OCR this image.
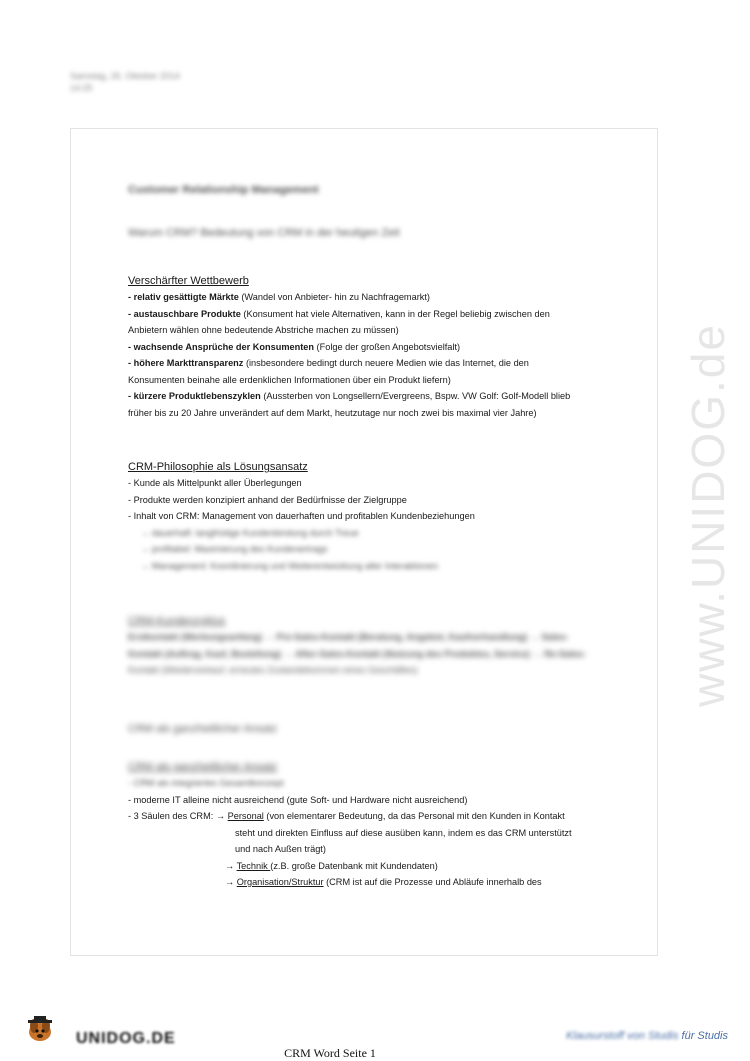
Samstag, 26. Oktober 2014
14:25
Customer Relationship Management
Warum CRM? Bedeutung von CRM in der heutigen Zeit

Verschärfter Wettbewerb

- relativ gesättigte Märkte (Wandel von Anbieter- hin zu Nachfragemarkt)

- austauschbare Produkte (Konsument hat viele Alternativen, kann in der Regel beliebig zwischen den

Anbietern wählen ohne bedeutende Abstriche machen zu müssen)

- wachsende Ansprüche der Konsumenten (Folge der großen Angebotsvielfalt)

- höhere Markttransparenz (insbesondere bedingt durch neuere Medien wie das Internet, die den

Konsumenten beinahe alle erdenklichen Informationen über ein Produkt liefern)

- kürzere Produktlebenszyklen (Aussterben von Longsellern/Evergreens, Bspw. VW Golf: Golf-Modell blieb

früher bis zu 20 Jahre unverändert auf dem Markt, heutzutage nur noch zwei bis maximal vier Jahre)

CRM-Philosophie als Lösungsansatz

- Kunde als Mittelpunkt aller Überlegungen

- Produkte werden konzipiert anhand der Bedürfnisse der Zielgruppe

- Inhalt von CRM: Management von dauerhaften und profitablen Kundenbeziehungen

→ dauerhaft: langfristige Kundenbindung durch Treue

→ profitabel: Maximierung des Kundenertrags

→ Management: Koordinierung und Weiterentwicklung aller Interaktionen

CRM-Kundenzyklus

Erstkontakt (Werbungsanfang) → Pre-Sales-Kontakt (Beratung, Angebot, Kaufverhandlung) → Sales-

Kontakt (Auftrag, Kauf, Bestellung) → After-Sales-Kontakt (Nutzung des Produktes, Service) → Re-Sales-

Kontakt (Wiederverkauf, erneutes Zustandekommen eines Geschäftes)

CRM als ganzheitlicher Ansatz

CRM als ganzheitlicher Ansatz

- CRM als integriertes Gesamtkonzept

- moderne IT alleine nicht ausreichend (gute Soft- und Hardware nicht ausreichend)

- 3 Säulen des CRM: → Personal (von elementarer Bedeutung, da das Personal mit den Kunden in Kontakt

steht und direkten Einfluss auf diese ausüben kann, indem es das CRM unterstützt

und nach Außen trägt)

→ Technik (z.B. große Datenbank mit Kundendaten)

→ Organisation/Struktur (CRM ist auf die Prozesse und Abläufe innerhalb des

www.UNIDOG.de
UNIDOG.DE	Klausurstoff von Studis für Studis
CRM Word Seite 1
